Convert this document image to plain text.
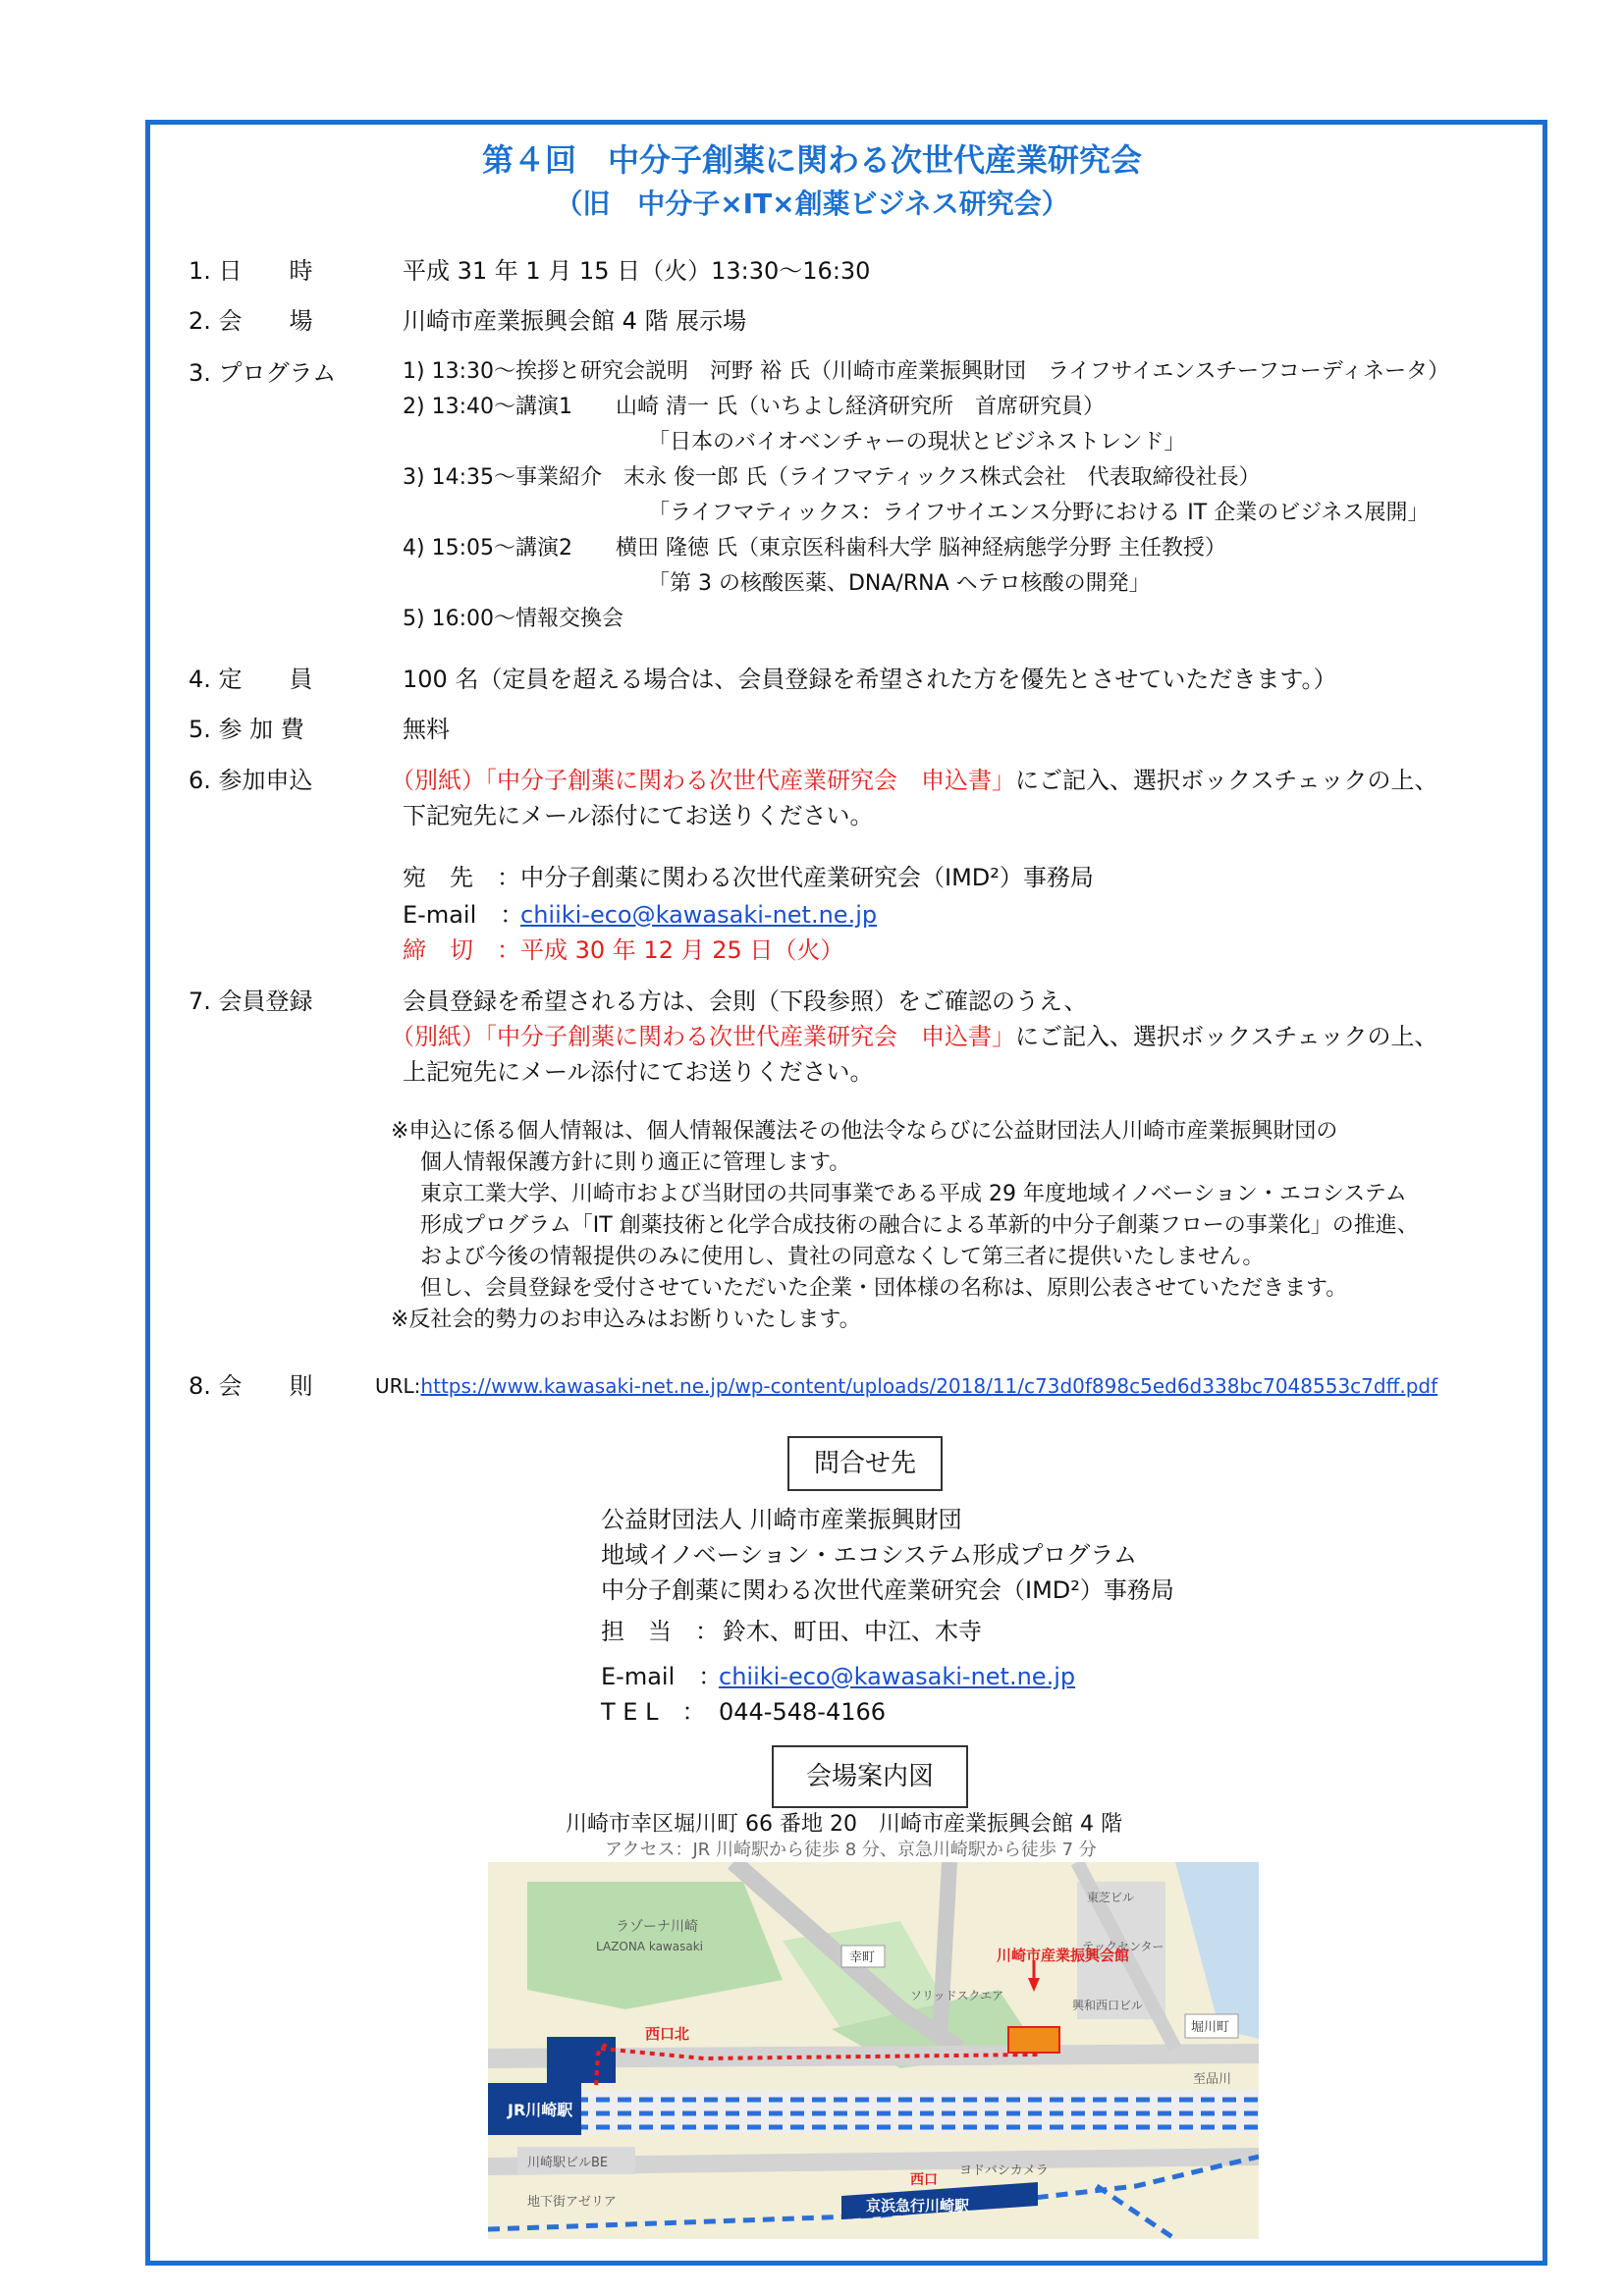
第４回　中分子創薬に関わる次世代産業研究会
（旧　中分子×IT×創薬ビジネス研究会）
1. 日　　時	平成 31 年 1 月 15 日（火）13:30〜16:30
2. 会　　場	川崎市産業振興会館 4 階 展示場
3. プログラム	1) 13:30〜挨拶と研究会説明　河野 裕 氏（川崎市産業振興財団　ライフサイエンスチーフコーディネータ）
2) 13:40〜講演1　　山崎 清一 氏（いちよし経済研究所　首席研究員）
「日本のバイオベンチャーの現状とビジネストレンド」
3) 14:35〜事業紹介　末永 俊一郎 氏（ライフマティックス株式会社　代表取締役社長）
「ライフマティックス：ライフサイエンス分野における IT 企業のビジネス展開」
4) 15:05〜講演2　　横田 隆徳 氏（東京医科歯科大学 脳神経病態学分野 主任教授）
「第 3 の核酸医薬、DNA/RNA ヘテロ核酸の開発」
5) 16:00〜情報交換会
4. 定　　員	100 名（定員を超える場合は、会員登録を希望された方を優先とさせていただきます。）
5. 参 加 費	無料
6. 参加申込	（別紙）「中分子創薬に関わる次世代産業研究会　申込書」にご記入、選択ボックスチェックの上、
下記宛先にメール添付にてお送りください。
宛　先　： 中分子創薬に関わる次世代産業研究会（IMD²）事務局
E-mail　：
chiiki-eco@kawasaki-net.ne.jp
締　切　： 平成 30 年 12 月 25 日（火）
7. 会員登録	会員登録を希望される方は、会則（下段参照）をご確認のうえ、
（別紙）「中分子創薬に関わる次世代産業研究会　申込書」にご記入、選択ボックスチェックの上、
上記宛先にメール添付にてお送りください。
※申込に係る個人情報は、個人情報保護法その他法令ならびに公益財団法人川崎市産業振興財団の
個人情報保護方針に則り適正に管理します。
東京工業大学、川崎市および当財団の共同事業である平成 29 年度地域イノベーション・エコシステム
形成プログラム「IT 創薬技術と化学合成技術の融合による革新的中分子創薬フローの事業化」の推進、
および今後の情報提供のみに使用し、貴社の同意なくして第三者に提供いたしません。
但し、会員登録を受付させていただいた企業・団体様の名称は、原則公表させていただきます。
※反社会的勢力のお申込みはお断りいたします。
8. 会　　則	URL:https://www.kawasaki-net.ne.jp/wp-content/uploads/2018/11/c73d0f898c5ed6d338bc7048553c7dff.pdf
問合せ先
公益財団法人 川崎市産業振興財団
地域イノベーション・エコシステム形成プログラム
中分子創薬に関わる次世代産業研究会（IMD²）事務局
担　当　： 鈴木、町田、中江、木寺
E-mail　：
chiiki-eco@kawasaki-net.ne.jp
T E L　： 044-548-4166
会場案内図
川崎市幸区堀川町 66 番地 20　川崎市産業振興会館 4 階
アクセス：JR 川崎駅から徒歩 8 分、京急川崎駅から徒歩 7 分
JR川崎駅
川崎市産業振興会館
ラゾーナ川崎
LAZONA kawasaki
幸町
東芝ビル
テックセンター
ソリッドスクエア
興和西口ビル
堀川町
西口北
至品川
川崎駅ビルBE
地下街アゼリア
西口
ヨドバシカメラ
京浜急行川崎駅
